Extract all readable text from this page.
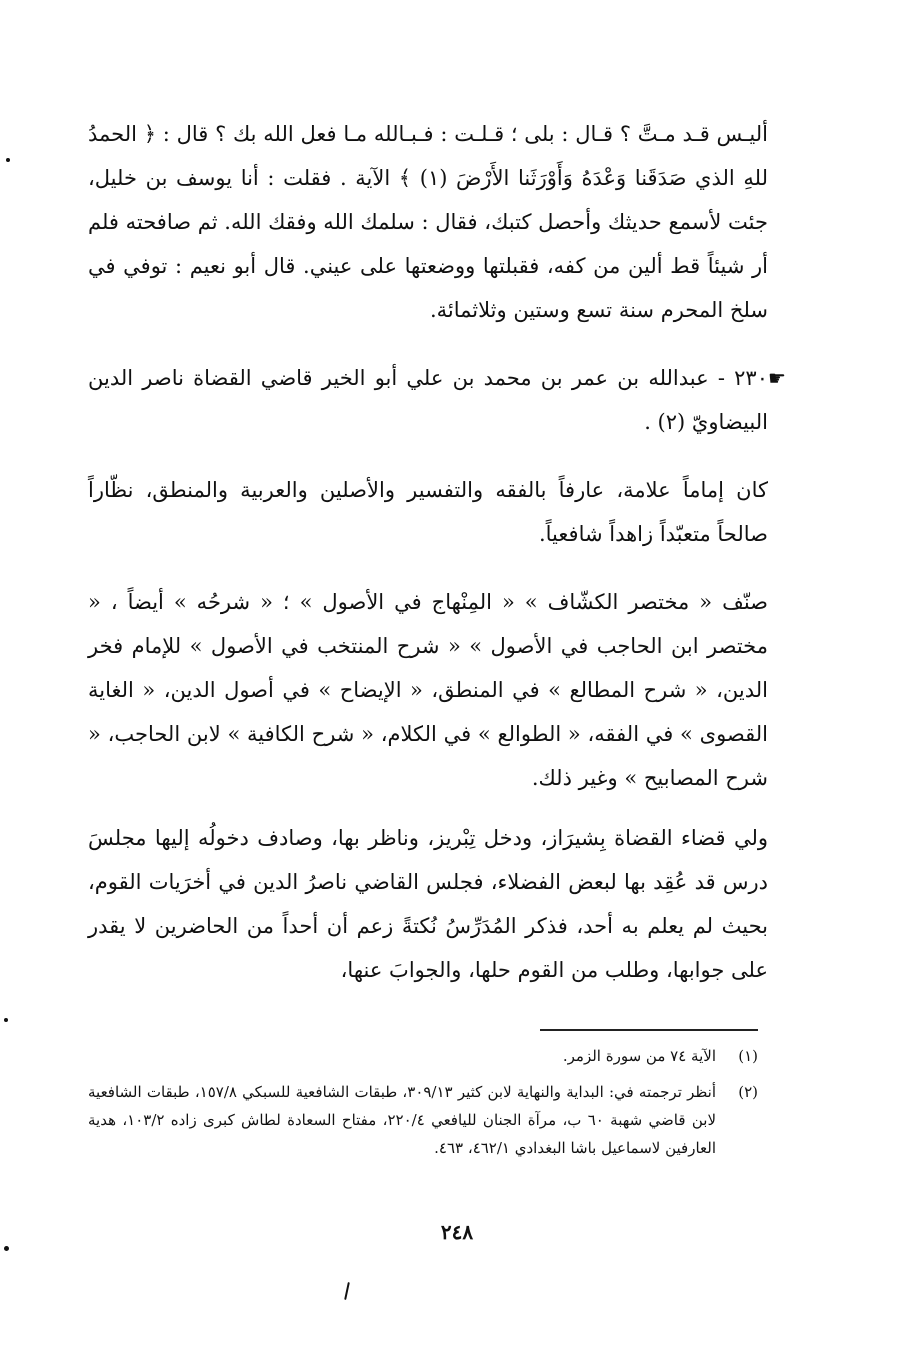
أليـس قـد مـتَّ ؟ قـال : بلى ؛ قـلـت : فـبـالله مـا فعل الله بك ؟ قال : ﴿ الحمدُ للهِ الذي صَدَقَنا وَعْدَهُ وَأَوْرَثَنا الأَرْضَ (١) ﴾ الآية . فقلت : أنا يوسف بن خليل، جئت لأسمع حديثك وأحصل كتبك، فقال : سلمك الله وفقك الله. ثم صافحته فلم أر شيئاً قط ألين من كفه، فقبلتها ووضعتها على عيني. قال أبو نعيم : توفي في سلخ المحرم سنة تسع وستين وثلاثمائة.

☛

٢٣٠ - عبدالله بن عمر بن محمد بن علي أبو الخير قاضي القضاة ناصر الدين البيضاويّ (٢) .

كان إماماً علامة، عارفاً بالفقه والتفسير والأصلين والعربية والمنطق، نظّاراً صالحاً متعبّداً زاهداً شافعياً.

صنّف « مختصر الكشّاف » « المِنْهاج في الأصول » ؛ « شرحُه » أيضاً ، « مختصر ابن الحاجب في الأصول » « شرح المنتخب في الأصول » للإمام فخر الدين، « شرح المطالع » في المنطق، « الإيضاح » في أصول الدين، « الغاية القصوى » في الفقه، « الطوالع » في الكلام، « شرح الكافية » لابن الحاجب، « شرح المصابيح » وغير ذلك.

ولي قضاء القضاة بِشيرَاز، ودخل تِبْريز، وناظر بها، وصادف دخولُه إليها مجلسَ درس قد عُقِد بها لبعض الفضلاء، فجلس القاضي ناصرُ الدين في أخرَيات القوم، بحيث لم يعلم به أحد، فذكر المُدَرِّسُ نُكتةً زعم أن أحداً من الحاضرين لا يقدر على جوابها، وطلب من القوم حلها، والجوابَ عنها،

(١)
الآية ٧٤ من سورة الزمر.
(٢)
أنظر ترجمته في: البداية والنهاية لابن كثير ٣٠٩/١٣، طبقات الشافعية للسبكي ١٥٧/٨، طبقات الشافعية لابن قاضي شهبة ٦٠ ب، مرآة الجنان لليافعي ٢٢٠/٤، مفتاح السعادة لطاش كبرى زاده ١٠٣/٢، هدية العارفين لاسماعيل باشا البغدادي ٤٦٢/١، ٤٦٣.
٢٤٨
